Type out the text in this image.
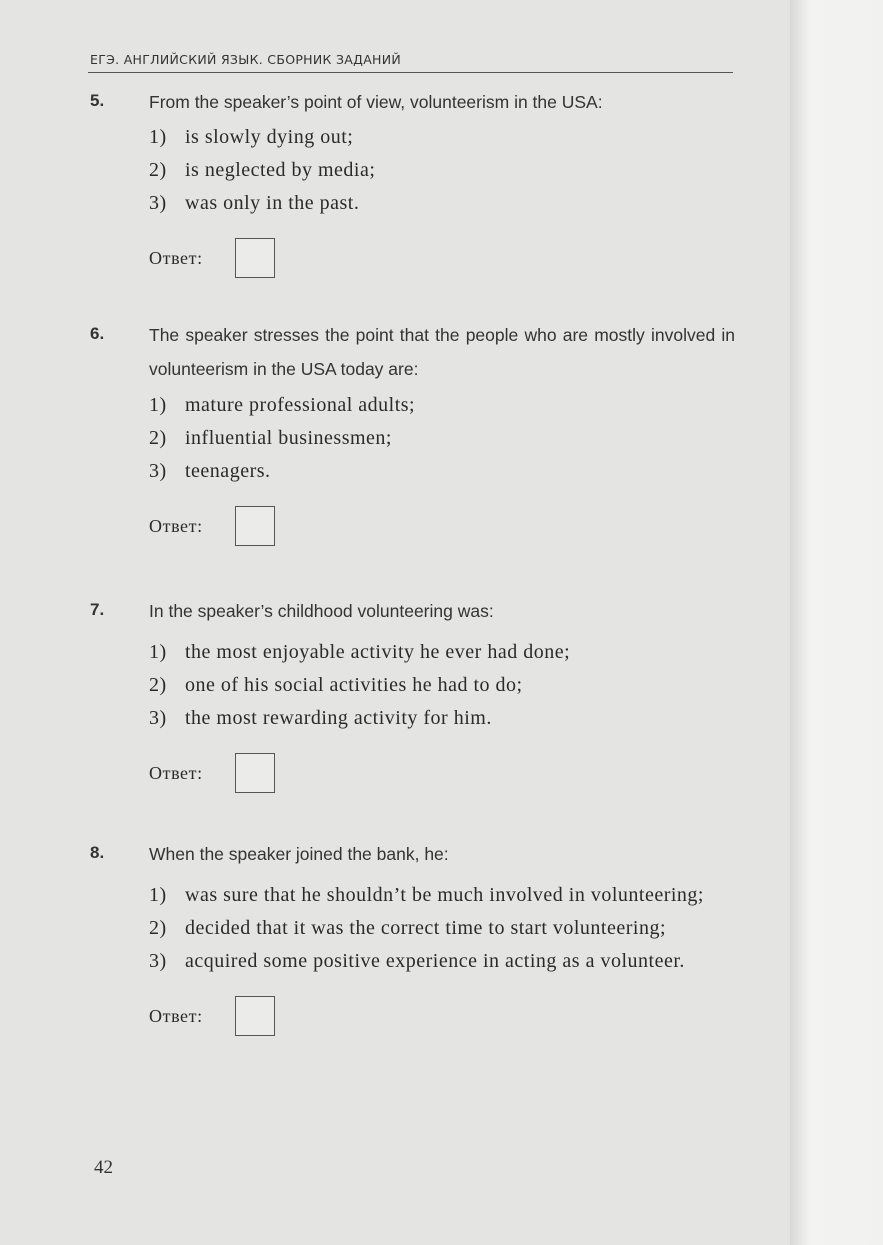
ЕГЭ. АНГЛИЙСКИЙ ЯЗЫК. СБОРНИК ЗАДАНИЙ
5.	From the speaker’s point of view, volunteerism in the USA:
1) is slowly dying out;
2) is neglected by media;
3) was only in the past.
Ответ:
6.	The speaker stresses the point that the people who are mostly involved in volunteerism in the USA today are:
1) mature professional adults;
2) influential businessmen;
3) teenagers.
Ответ:
7.	In the speaker’s childhood volunteering was:
1) the most enjoyable activity he ever had done;
2) one of his social activities he had to do;
3) the most rewarding activity for him.
Ответ:
8.	When the speaker joined the bank, he:
1) was sure that he shouldn’t be much involved in volunteering;
2) decided that it was the correct time to start volunteering;
3) acquired some positive experience in acting as a volunteer.
Ответ:
42
